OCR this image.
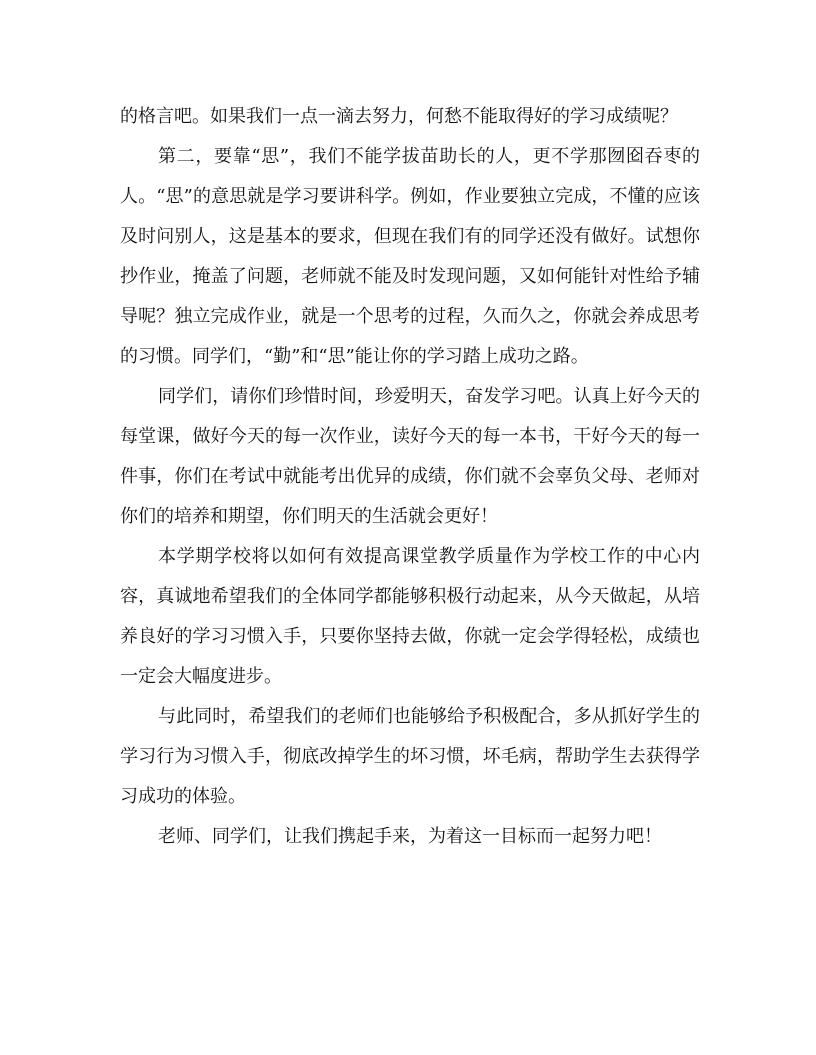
的格言吧。如果我们一点一滴去努力，何愁不能取得好的学习成绩呢？

第二，要靠“思”，我们不能学拔苗助长的人，更不学那囫囵吞枣的人。“思”的意思就是学习要讲科学。例如，作业要独立完成，不懂的应该及时问别人，这是基本的要求，但现在我们有的同学还没有做好。试想你抄作业，掩盖了问题，老师就不能及时发现问题，又如何能针对性给予辅导呢？独立完成作业，就是一个思考的过程，久而久之，你就会养成思考的习惯。同学们，“勤”和“思”能让你的学习踏上成功之路。

同学们，请你们珍惜时间，珍爱明天，奋发学习吧。认真上好今天的每堂课，做好今天的每一次作业，读好今天的每一本书，干好今天的每一件事，你们在考试中就能考出优异的成绩，你们就不会辜负父母、老师对你们的培养和期望，你们明天的生活就会更好！

本学期学校将以如何有效提高课堂教学质量作为学校工作的中心内容，真诚地希望我们的全体同学都能够积极行动起来，从今天做起，从培养良好的学习习惯入手，只要你坚持去做，你就一定会学得轻松，成绩也一定会大幅度进步。

与此同时，希望我们的老师们也能够给予积极配合，多从抓好学生的学习行为习惯入手，彻底改掉学生的坏习惯，坏毛病，帮助学生去获得学习成功的体验。

老师、同学们，让我们携起手来，为着这一目标而一起努力吧！
